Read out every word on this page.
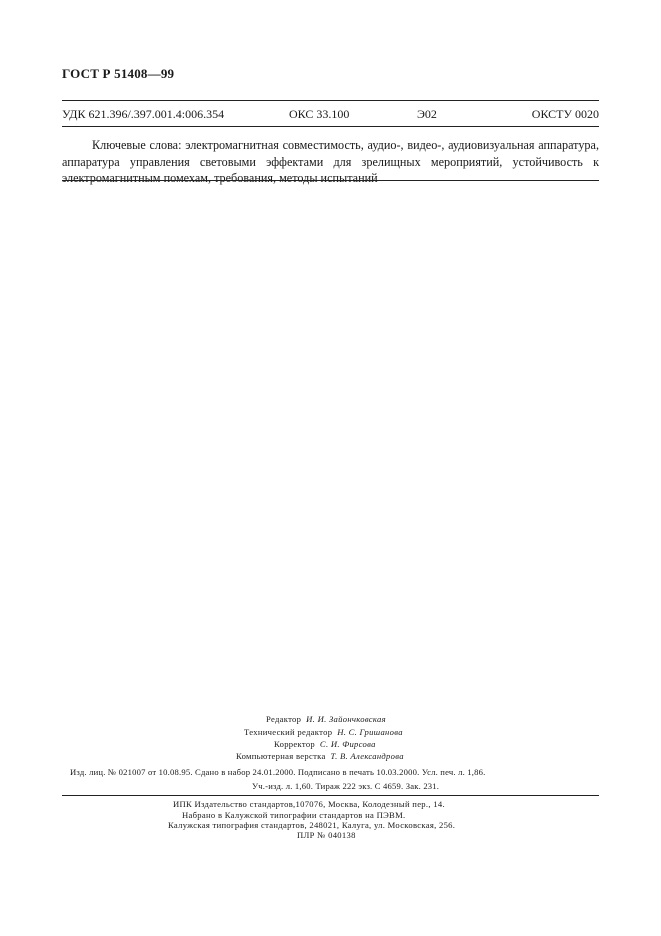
ГОСТ Р 51408—99
УДК 621.396/.397.001.4:006.354	ОКС 33.100	Э02	ОКСТУ 0020
Ключевые слова: электромагнитная совместимость, аудио-, видео-, аудиовизуальная аппаратура, аппаратура управления световыми эффектами для зрелищных мероприятий, устойчивость к электромагнитным помехам, требования, методы испытаний
Редактор И. И. Зайончковская
Технический редактор Н. С. Гришанова
Корректор С. И. Фирсова
Компьютерная верстка Т. В. Александрова
Изд. лиц. № 021007 от 10.08.95. Сдано в набор 24.01.2000. Подписано в печать 10.03.2000. Усл. печ. л. 1,86.
Уч.-изд. л. 1,60. Тираж 222 экз. С 4659. Зак. 231.
ИПК Издательство стандартов,107076, Москва, Колодезный пер., 14.
Набрано в Калужской типографии стандартов на ПЭВМ.
Калужская типография стандартов, 248021, Калуга, ул. Московская, 256.
ПЛР № 040138
